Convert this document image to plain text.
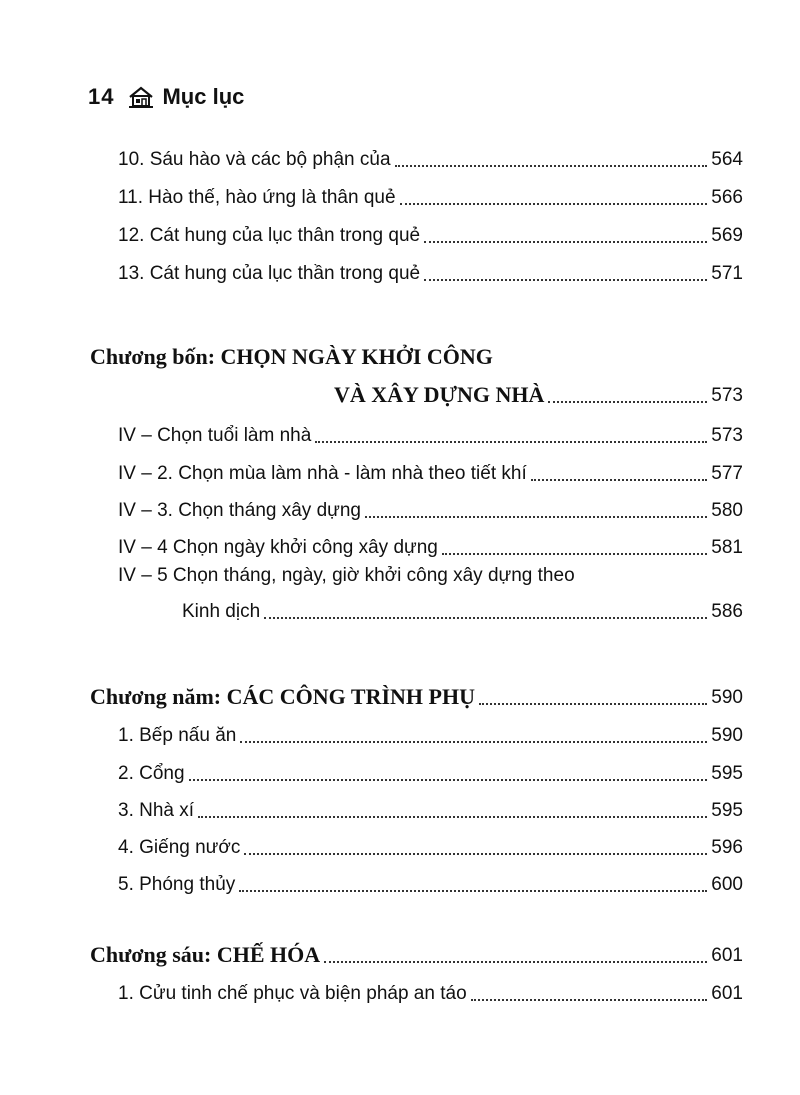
14 Mục lục
10. Sáu hào và các bộ phận của	564
11. Hào thế, hào ứng là thân quẻ	566
12. Cát hung của lục thân trong quẻ	569
13. Cát hung của lục thần trong quẻ	571
Chương bốn: CHỌN NGÀY KHỞI CÔNG
VÀ XÂY DỰNG NHÀ	573
IV – Chọn tuổi làm nhà	573
IV – 2. Chọn mùa làm nhà - làm nhà theo tiết khí	577
IV – 3. Chọn tháng xây dựng	580
IV – 4 Chọn ngày khởi công xây dựng	581
IV – 5 Chọn tháng, ngày, giờ khởi công xây dựng theo
Kinh dịch	586
Chương năm: CÁC CÔNG TRÌNH PHỤ	590
1. Bếp nấu ăn	590
2. Cổng	595
3. Nhà xí	595
4. Giếng nước	596
5. Phóng thủy	600
Chương sáu: CHẾ HÓA	601
1. Cửu tinh chế phục và biện pháp an táo	601
